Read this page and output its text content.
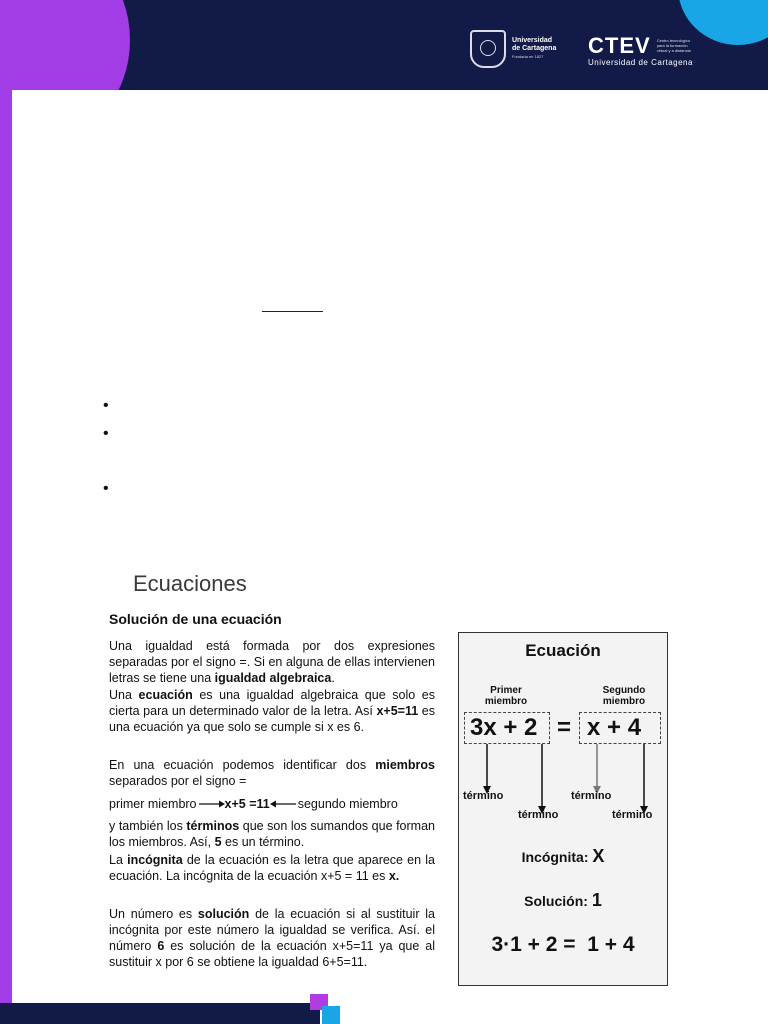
Universidad
de Cartagena
Fundada en 1827	CTEV Centro tecnológico para la formación virtual y a distancia
Universidad de Cartagena
•
•
•
Ecuaciones
Solución de una ecuación

Una igualdad está formada por dos expresiones separadas por el signo =. Si en alguna de ellas intervienen letras se tiene una igualdad algebraica.

Una ecuación es una igualdad algebraica que solo es cierta para un determinado valor de la letra. Así x+5=11 es una ecuación ya que solo se cumple si x es 6.

En una ecuación podemos identificar dos miembros separados por el signo =

primer miembro x+5 =11 segundo miembro

y también los términos que son los sumandos que forman los miembros. Así, 5 es un término.

La incógnita de la ecuación es la letra que aparece en la ecuación. La incógnita de la ecuación x+5 = 11 es x.

Un número es solución de la ecuación si al sustituir la incógnita por este número la igualdad se verifica. Así. el número 6 es solución de la ecuación x+5=11 ya que al sustituir x por 6 se obtiene la igualdad 6+5=11.

Ecuación
Primer miembro
Segundo miembro
3x + 2 = x + 4
término
término
término
término
Incógnita: X
Solución: 1
3·1 + 2 =  1 + 4
